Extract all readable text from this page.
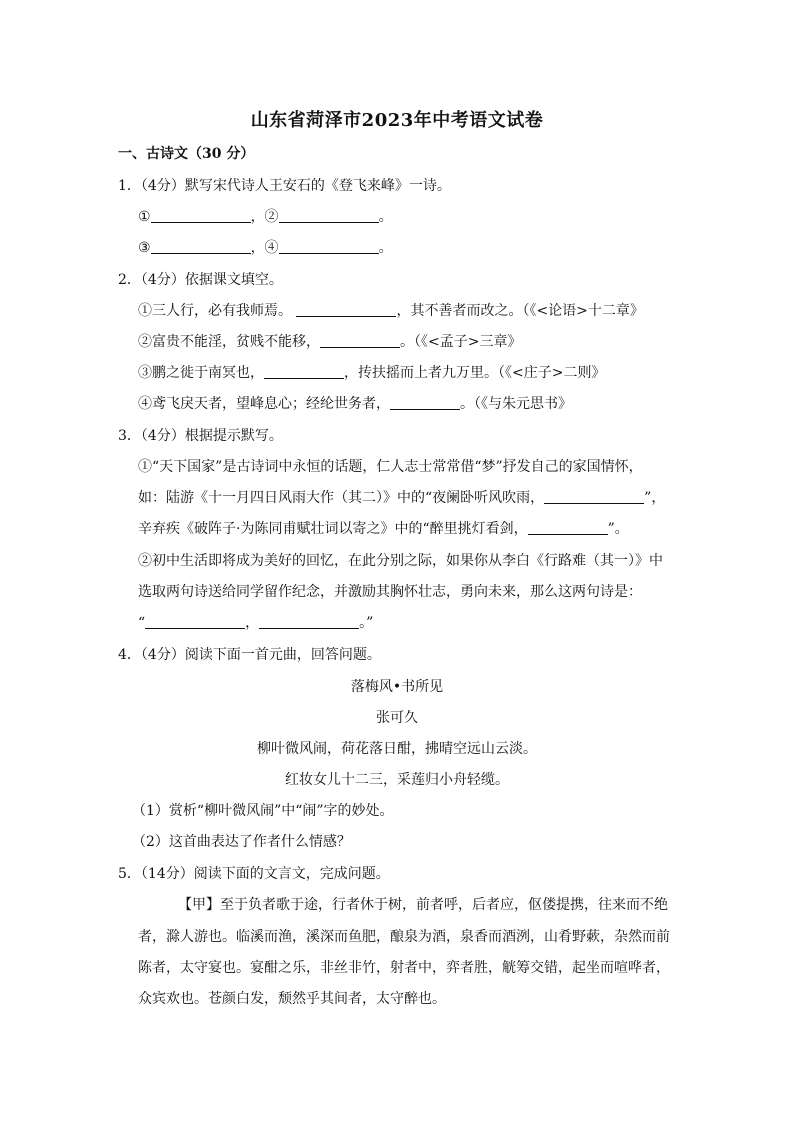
山东省菏泽市2023年中考语文试卷
一、古诗文（30 分）
1．（4分）默写宋代诗人王安石的《登飞来峰》一诗。
①	，②	。
③	，④	。
2．（4分）依据课文填空。
①三人行，必有我师焉。	，其不善者而改之。（《<论语>十二章》
②富贵不能淫，贫贱不能移，	。（《<孟子>三章》
③鹏之徙于南冥也，	，抟扶摇而上者九万里。（《<庄子>二则》
④鸢飞戾天者，望峰息心；经纶世务者，	。（《与朱元思书》
3．（4分）根据提示默写。
①“天下国家”是古诗词中永恒的话题，仁人志士常常借“梦”抒发自己的家国情怀，
如：陆游《十一月四日风雨大作（其二）》中的“夜阑卧听风吹雨，	”，
辛弃疾《破阵子·为陈同甫赋壮词以寄之》中的“醉里挑灯看剑，	”。
②初中生活即将成为美好的回忆，在此分别之际，如果你从李白《行路难（其一）》中
选取两句诗送给同学留作纪念，并激励其胸怀壮志，勇向未来，那么这两句诗是：
“	，	。”
4．（4分）阅读下面一首元曲，回答问题。
落梅风•书所见
张可久
柳叶微风闹，荷花落日酣，拂晴空远山云淡。
红妆女儿十二三，采莲归小舟轻缆。
（1）赏析“柳叶微风闹”中“闹”字的妙处。
（2）这首曲表达了作者什么情感？
5．（14分）阅读下面的文言文，完成问题。
【甲】至于负者歌于途，行者休于树，前者呼，后者应，伛偻提携，往来而不绝
者，滁人游也。临溪而渔，溪深而鱼肥，酿泉为酒，泉香而酒洌，山肴野蔌，杂然而前
陈者，太守宴也。宴酣之乐，非丝非竹，射者中，弈者胜，觥筹交错，起坐而喧哗者，
众宾欢也。苍颜白发，颓然乎其间者，太守醉也。
